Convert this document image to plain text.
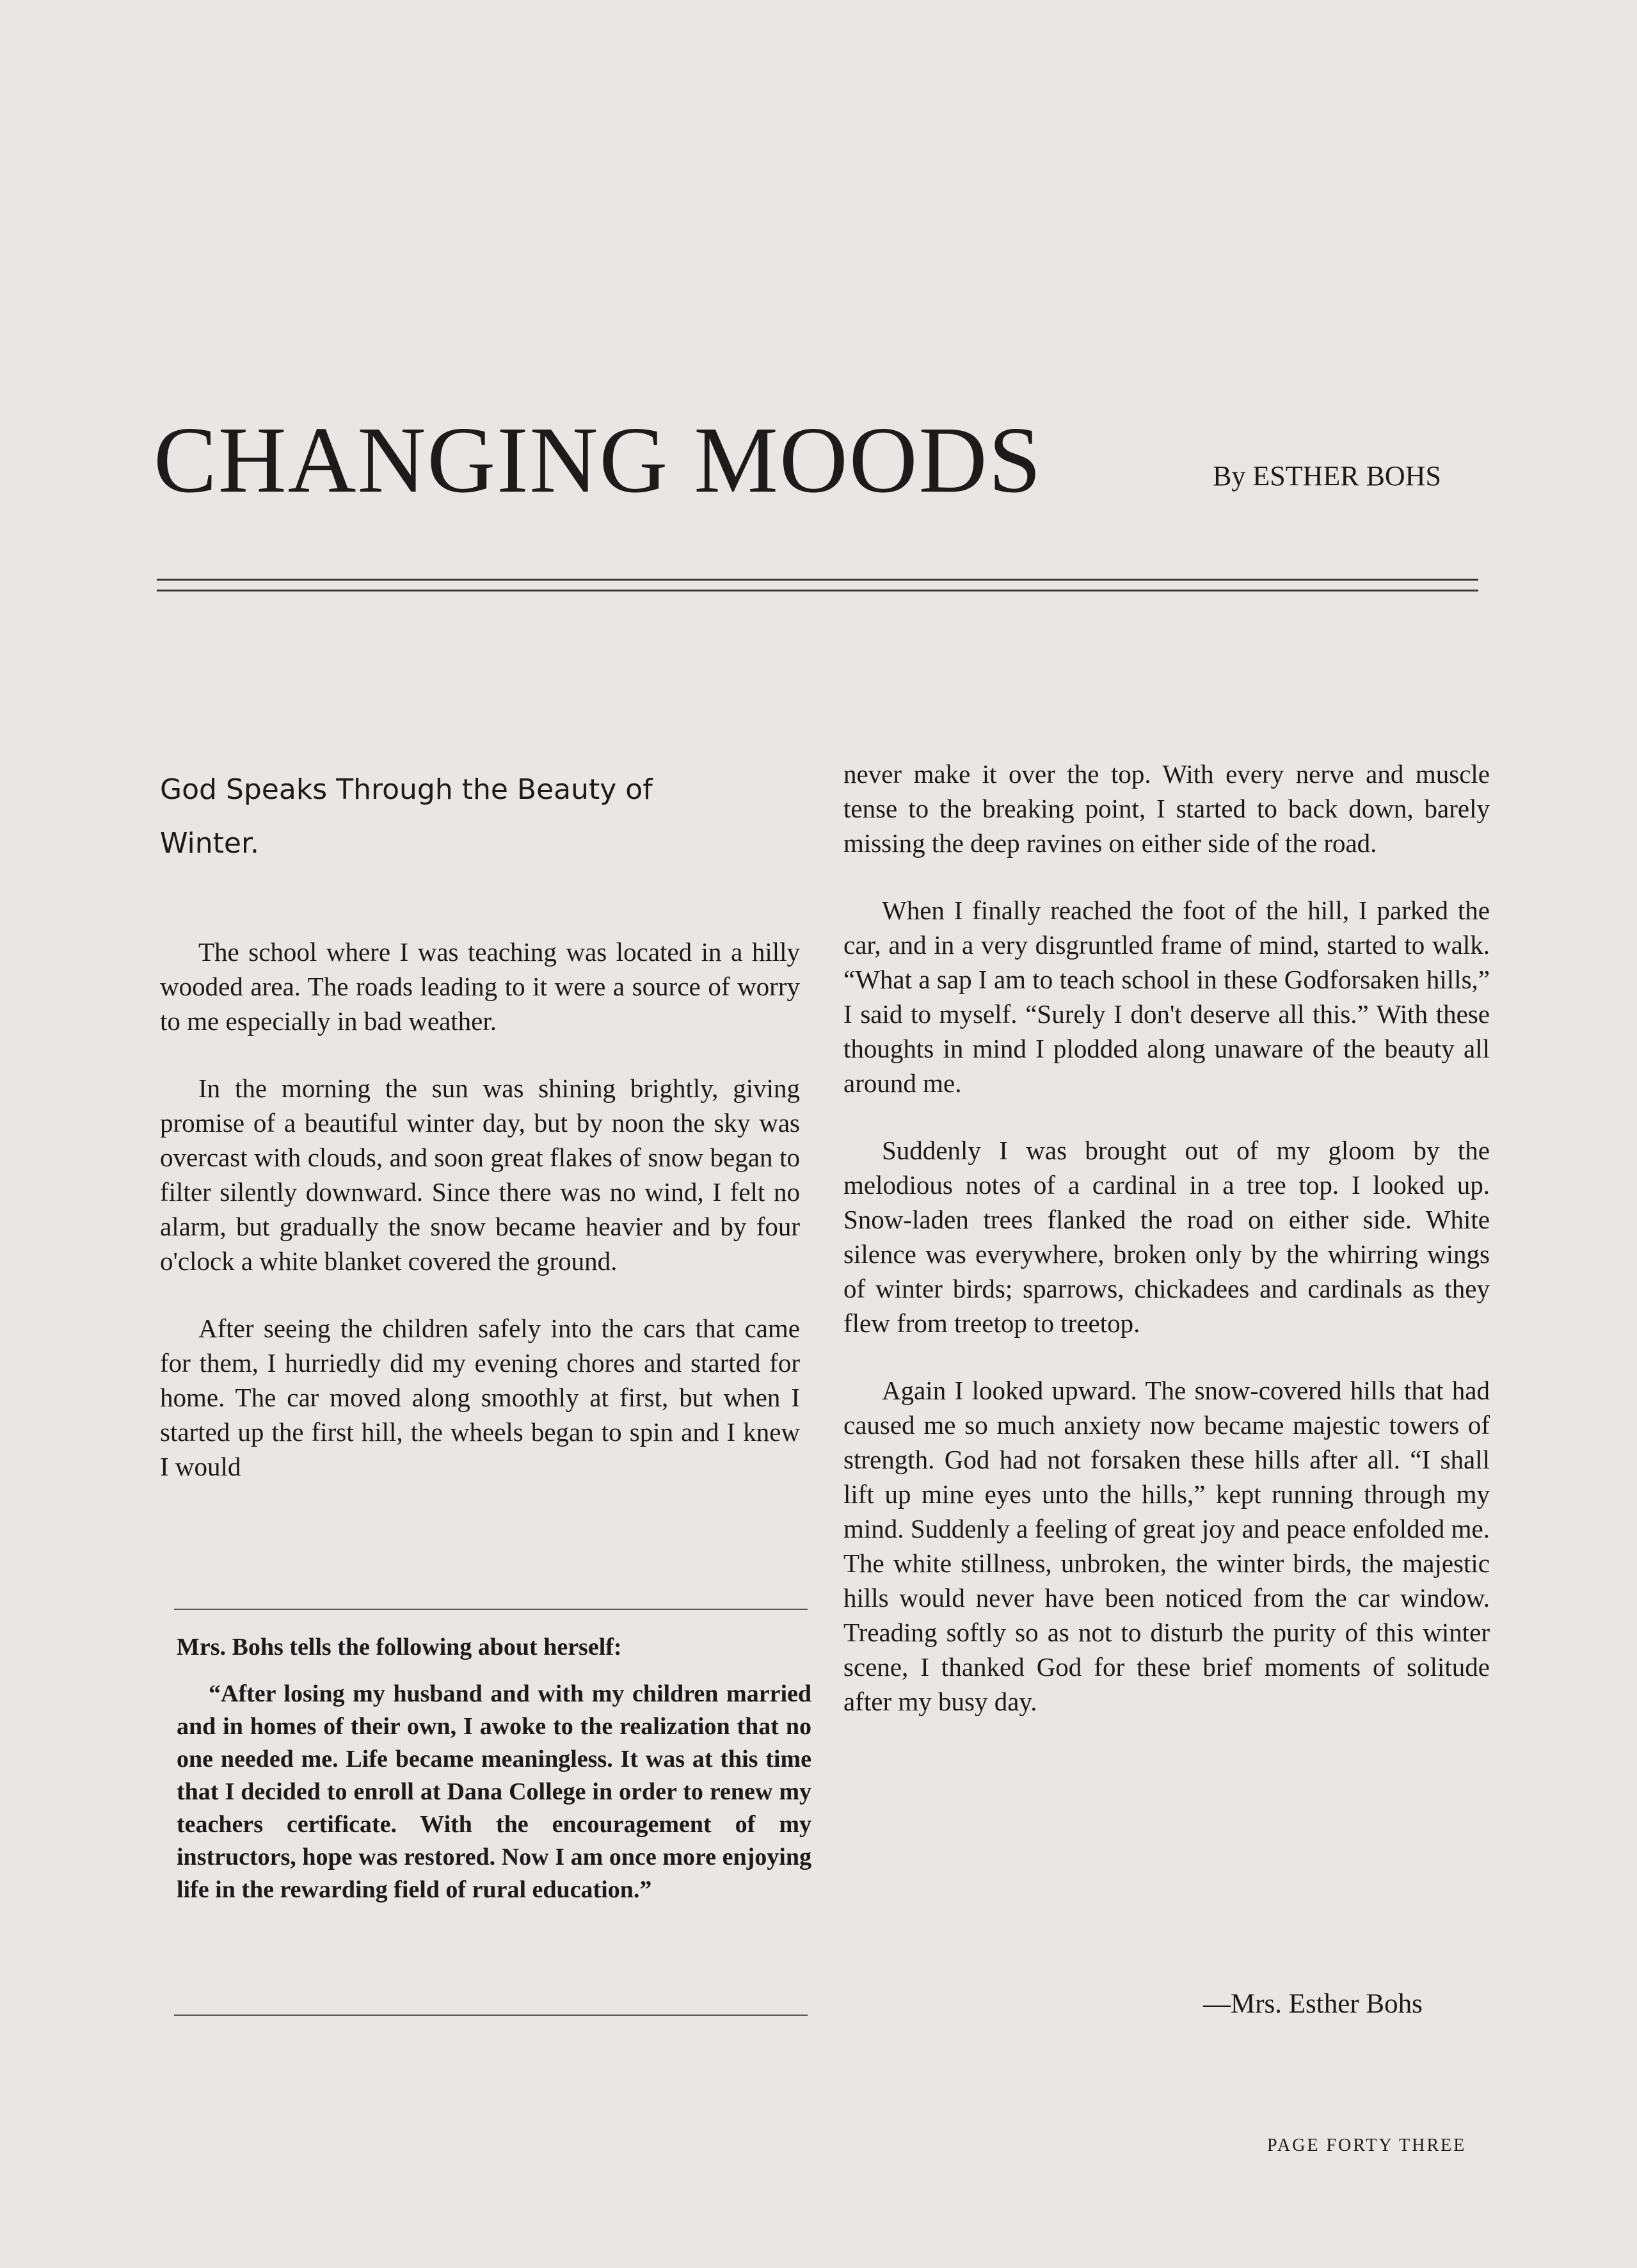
CHANGING MOODS	By ESTHER BOHS
God Speaks Through the Beauty of Winter.

The school where I was teaching was located in a hilly wooded area. The roads leading to it were a source of worry to me especially in bad weather.

In the morning the sun was shining brightly, giving promise of a beautiful winter day, but by noon the sky was overcast with clouds, and soon great flakes of snow began to filter silently downward. Since there was no wind, I felt no alarm, but gradually the snow became heavier and by four o'clock a white blanket covered the ground.

After seeing the children safely into the cars that came for them, I hurriedly did my evening chores and started for home. The car moved along smoothly at first, but when I started up the first hill, the wheels began to spin and I knew I would

Mrs. Bohs tells the following about herself:

“After losing my husband and with my children married and in homes of their own, I awoke to the realization that no one needed me. Life became meaningless. It was at this time that I decided to enroll at Dana College in order to renew my teachers certificate. With the encouragement of my instructors, hope was restored. Now I am once more enjoying life in the rewarding field of rural education.”

never make it over the top. With every nerve and muscle tense to the breaking point, I started to back down, barely missing the deep ravines on either side of the road.

When I finally reached the foot of the hill, I parked the car, and in a very disgruntled frame of mind, started to walk. “What a sap I am to teach school in these Godforsaken hills,” I said to myself. “Surely I don't deserve all this.” With these thoughts in mind I plodded along unaware of the beauty all around me.

Suddenly I was brought out of my gloom by the melodious notes of a cardinal in a tree top. I looked up. Snow-laden trees flanked the road on either side. White silence was everywhere, broken only by the whirring wings of winter birds; sparrows, chickadees and cardinals as they flew from treetop to treetop.

Again I looked upward. The snow-covered hills that had caused me so much anxiety now became majestic towers of strength. God had not forsaken these hills after all. “I shall lift up mine eyes unto the hills,” kept running through my mind. Suddenly a feeling of great joy and peace enfolded me. The white stillness, unbroken, the winter birds, the majestic hills would never have been noticed from the car window. Treading softly so as not to disturb the purity of this winter scene, I thanked God for these brief moments of solitude after my busy day.

—Mrs. Esther Bohs
PAGE FORTY THREE
